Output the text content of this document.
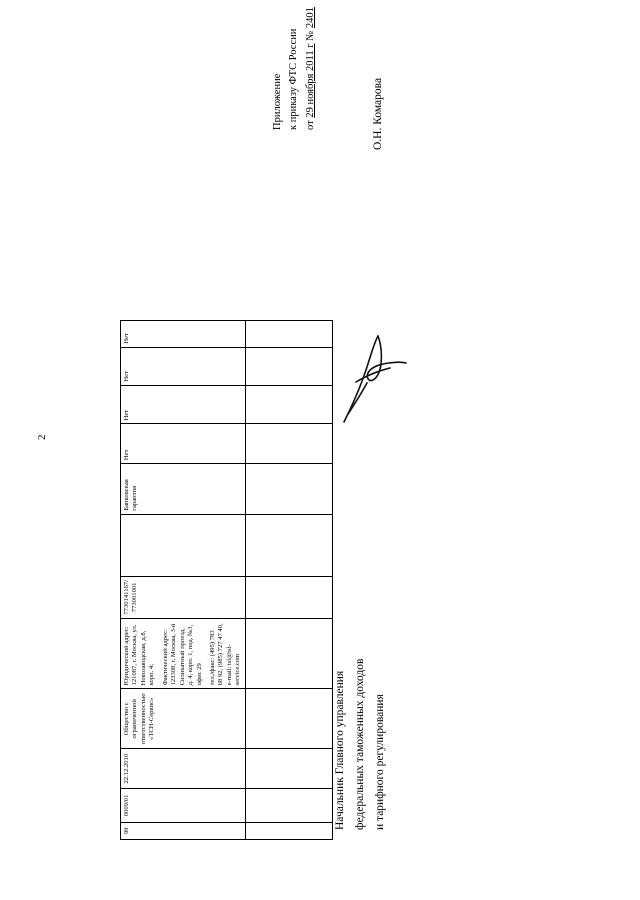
2
Приложение к приказу ФТС России от 29 ноября 2011 г № 2401
99	0009/01	22.12.2010	Общество с ограниченной ответственностью «ТСН-Сервис»	Юридический адрес: 121087, г. Москва, ул. Новозаводская, д.8, корп. 4; Фактический адрес: 123308, г. Москва, 3-й Силикатный проезд, д. 4, корп. 1, под. №3, офис 29 тел./факс: (495) 783 68 92, (985) 727 47 40, e-mail: tsl@tsl-service.com	7730141167/ 773001001		Банковская гарантия	Нет	Нет	Нет	Нет

Начальник Главного управления федеральных таможенных доходов и тарифного регулирования
О.Н. Комарова
